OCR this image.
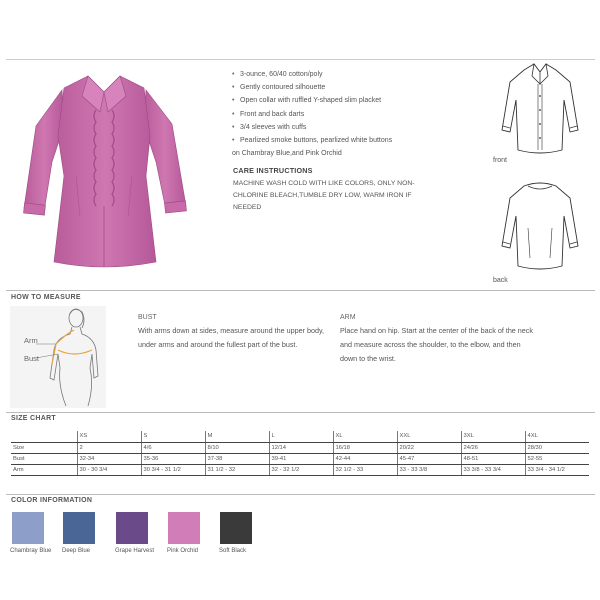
• 3-ounce, 60/40 cotton/poly
• Gently contoured silhouette
• Open collar with ruffled Y-shaped slim placket
• Front and back darts
• 3/4 sleeves with cuffs
• Pearlized smoke buttons, pearlized white buttons
on Chambray Blue,and Pink Orchid
CARE INSTRUCTIONS
MACHINE WASH COLD WITH LIKE COLORS, ONLY NON-CHLORINE BLEACH,TUMBLE DRY LOW, WARM IRON IF NEEDED
front
back
HOW TO MEASURE
Arm
Bust
BUST
With arms down at sides, measure around the upper body, under arms and around the fullest part of the bust.
ARM
Place hand on hip. Start at the center of the back of the neck and measure across the shoulder, to the elbow, and then down to the wrist.
SIZE CHART
	XS	S	M	L	XL	XXL	3XL	4XL
Size	2	4/6	8/10	12/14	16/18	20/22	24/26	28/30
Bust	32-34	35-36	37-38	39-41	42-44	45-47	48-51	52-55
Arm	30 - 30 3/4	30 3/4 - 31 1/2	31 1/2 - 32	32 - 32 1/2	32 1/2 - 33	33 - 33 3/8	33 3/8 - 33 3/4	33 3/4 - 34 1/2
COLOR INFORMATION
Chambray Blue Deep Blue	Grape Harvest Pink Orchid	Soft Black
